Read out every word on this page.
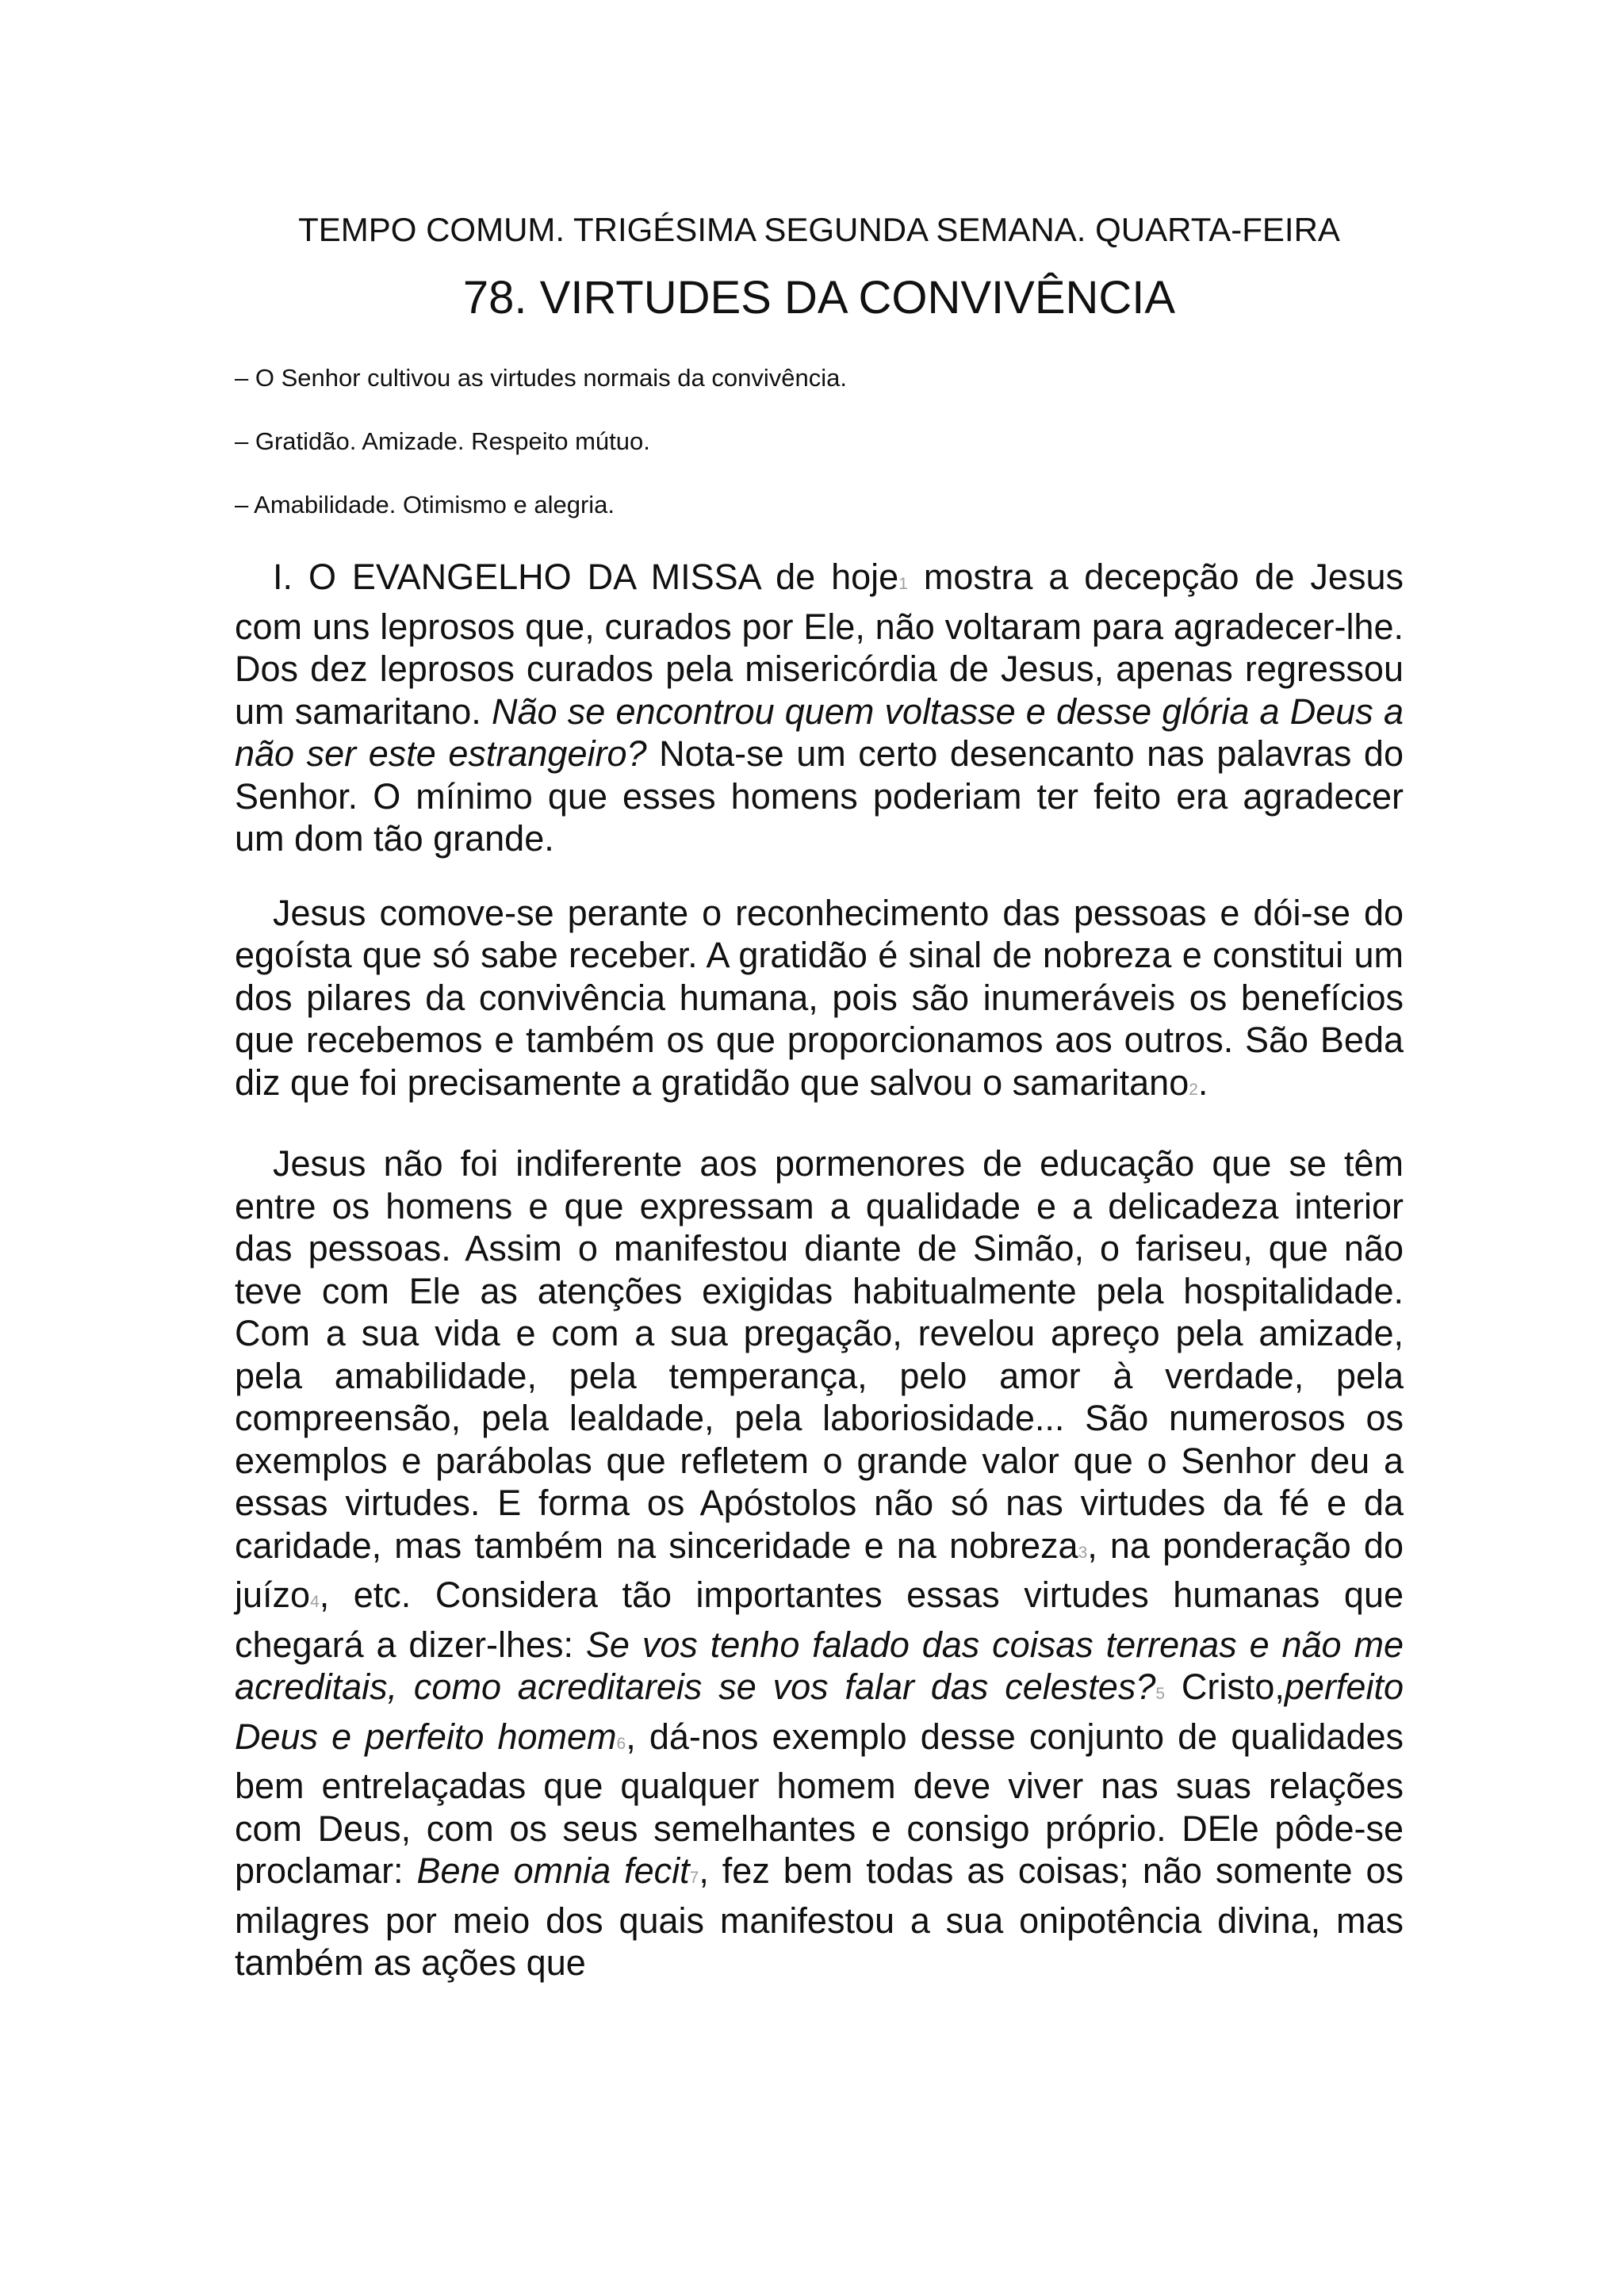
TEMPO COMUM. TRIGÉSIMA SEGUNDA SEMANA. QUARTA-FEIRA
78. VIRTUDES DA CONVIVÊNCIA
– O Senhor cultivou as virtudes normais da convivência.
– Gratidão. Amizade. Respeito mútuo.
– Amabilidade. Otimismo e alegria.

I. O EVANGELHO DA MISSA de hoje1 mostra a decepção de Jesus com uns leprosos que, curados por Ele, não voltaram para agradecer-lhe. Dos dez leprosos curados pela misericórdia de Jesus, apenas regressou um samaritano. Não se encontrou quem voltasse e desse glória a Deus a não ser este estrangeiro? Nota-se um certo desencanto nas palavras do Senhor. O mínimo que esses homens poderiam ter feito era agradecer um dom tão grande.

Jesus comove-se perante o reconhecimento das pessoas e dói-se do egoísta que só sabe receber. A gratidão é sinal de nobreza e constitui um dos pilares da convivência humana, pois são inumeráveis os benefícios que recebemos e também os que proporcionamos aos outros. São Beda diz que foi precisamente a gratidão que salvou o samaritano2.

Jesus não foi indiferente aos pormenores de educação que se têm entre os homens e que expressam a qualidade e a delicadeza interior das pessoas. Assim o manifestou diante de Simão, o fariseu, que não teve com Ele as atenções exigidas habitualmente pela hospitalidade. Com a sua vida e com a sua pregação, revelou apreço pela amizade, pela amabilidade, pela temperança, pelo amor à verdade, pela compreensão, pela lealdade, pela laboriosidade... São numerosos os exemplos e parábolas que refletem o grande valor que o Senhor deu a essas virtudes. E forma os Apóstolos não só nas virtudes da fé e da caridade, mas também na sinceridade e na nobreza3, na ponderação do juízo4, etc. Considera tão importantes essas virtudes humanas que chegará a dizer-lhes: Se vos tenho falado das coisas terrenas e não me acreditais, como acreditareis se vos falar das celestes?5 Cristo,perfeito Deus e perfeito homem6, dá-nos exemplo desse conjunto de qualidades bem entrelaçadas que qualquer homem deve viver nas suas relações com Deus, com os seus semelhantes e consigo próprio. DEle pôde-se proclamar: Bene omnia fecit7, fez bem todas as coisas; não somente os milagres por meio dos quais manifestou a sua onipotência divina, mas também as ações que
